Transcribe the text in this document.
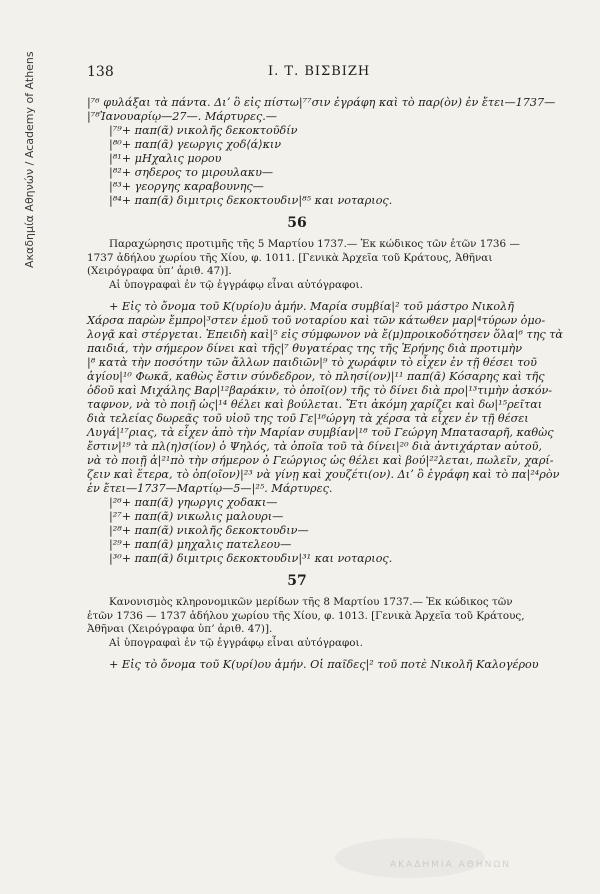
Ακαδημία Αθηνών / Academy of Athens	138	Ι. Τ. ΒΙΣΒΙΖΗ
|⁷⁶ φυλάξαι τὰ πάντα. Διʼ ὃ εἰς πίστω|⁷⁷σιν ἐγράφη καὶ τὸ παρ(ὸν) ἐν ἔτει—1737—
|⁷⁸Ἰανουαρίῳ—27—. Μάρτυρες.—
|⁷⁹+ παπ(ᾶ) νικολῆς δεκοκτοῦδίν
|⁸⁰+ παπ(ᾶ) γεωργις χοδ⟨ά⟩κιν
|⁸¹+ μΗχαλις μορου
|⁸²+ σηδερος το μιρουλακυ—
|⁸³+ γεοργης καραβουνης—
|⁸⁴+ παπ(ᾶ) διμιτρις δεκοκτουδιν|⁸⁵ και νοταριος.
56
Παραχώρησις προτιμῆς τῆς 5 Μαρτίου 1737.— Ἐκ κώδικος τῶν ἐτῶν 1736 —
1737 ἀδήλου χωρίου τῆς Χίου, φ. 1011. [Γενικὰ Ἀρχεῖα τοῦ Κράτους, Ἀθῆναι
(Χειρόγραφα ὑπʼ ἀριθ. 47)].
Αἱ ὑπογραφαὶ ἐν τῷ ἐγγράφῳ εἶναι αὐτόγραφοι.
+ Εἰς τὸ ὄνομα τοῦ Κ(υρίο)υ ἀμήν. Μαρία συμβία|² τοῦ μάστρο Νικολῆ
Χάρσα παρὼν ἔμπρο|³στεν ἐμοῦ τοῦ νοταρίου καὶ τῶν κάτωθεν μαρ|⁴τύρων ὁμο-
λογᾷ καὶ στέργεται. Ἐπειδὴ καὶ|⁵ εἰς σύμφωνον νὰ ἔ(μ)προικοδότησεν ὅλα|⁶ της τὰ
παιδιά, τὴν σήμερον δίνει καὶ τῆς|⁷ θυγατέρας της τῆς Ἐρήνης διὰ προτιμὴν
|⁸ κατὰ τὴν ποσότην τῶν ἄλλων παιδιῶν|⁹ τὸ χωράφιν τὸ εἶχεν ἐν τῇ θέσει τοῦ
ἁγίου|¹⁰ Φωκᾶ, καθὼς ἔστιν σύνδεδρον, τὸ πλησί(ον)|¹¹ παπ(ᾶ) Κόσαρης καὶ τῆς
ὁδοῦ καὶ Μιχάλης Βαρ|¹²βαράκιν, τὸ ὁποῖ(ον) τῆς τὸ δίνει διὰ προ|¹³τιμὴν ἀσκόν-
ταφνον, νὰ τὸ ποιῇ ὡς|¹⁴ θέλει καὶ βούλεται. Ἔτι ἀκόμη χαρίζει καὶ δω|¹⁵ρεῖται
διὰ τελείας δωρεᾶς τοῦ υἱοῦ της τοῦ Γε|¹⁶ώργη τὰ χέρσα τὰ εἶχεν ἐν τῇ θέσει
Λυγά|¹⁷ριας, τὰ εἶχεν ἀπὸ τὴν Μαρίαν συμβίαν|¹⁸ τοῦ Γεώργη Μπατασαρῆ, καθὼς
ἔστιν|¹⁹ τὰ πλ(η)σ(ίον) ὁ Ψηλός, τὰ ὁποῖα τοῦ τὰ δίνει|²⁰ διὰ ἀντιχάρταν αὐτοῦ,
νὰ τὸ ποιῇ ἀ|²¹πὸ τὴν σήμερον ὁ Γεώργιος ὡς θέλει καὶ βού|²²λεται, πωλεῖν, χαρί-
ζειν καὶ ἕτερα, τὸ ὁπ(οῖον)|²³ νὰ γίνῃ καὶ χουζέτι(ον). Διʼ ὃ ἐγράφη καὶ τὸ πα|²⁴ρὸν
ἐν ἔτει—1737—Μαρτίῳ—5—|²⁵. Μάρτυρες.
|²⁶+ παπ(ᾶ) γηωργις χοδακι—
|²⁷+ παπ(ᾶ) νικωλις μαλουρι—
|²⁸+ παπ(ᾶ) νικολῆς δεκοκτουδιν—
|²⁹+ παπ(ᾶ) μηχαλις πατελεου—
|³⁰+ παπ(ᾶ) διμιτρις δεκοκτουδιν|³¹ και νοταριος.
57
Κανονισμὸς κληρονομικῶν μερίδων τῆς 8 Μαρτίου 1737.— Ἐκ κώδικος τῶν
ἐτῶν 1736 — 1737 ἀδήλου χωρίου τῆς Χίου, φ. 1013. [Γενικὰ Ἀρχεῖα τοῦ Κράτους,
Ἀθῆναι (Χειρόγραφα ὑπʼ ἀριθ. 47)].
Αἱ ὑπογραφαὶ ἐν τῷ ἐγγράφῳ εἶναι αὐτόγραφοι.
+ Εἰς τὸ ὄνομα τοῦ Κ(υρί)ου ἀμήν. Οἱ παῖδες|² τοῦ ποτὲ Νικολῆ Καλογέρου
ΑΚΑΔΗΜΙΑ ΑΘΗΝΩΝ
